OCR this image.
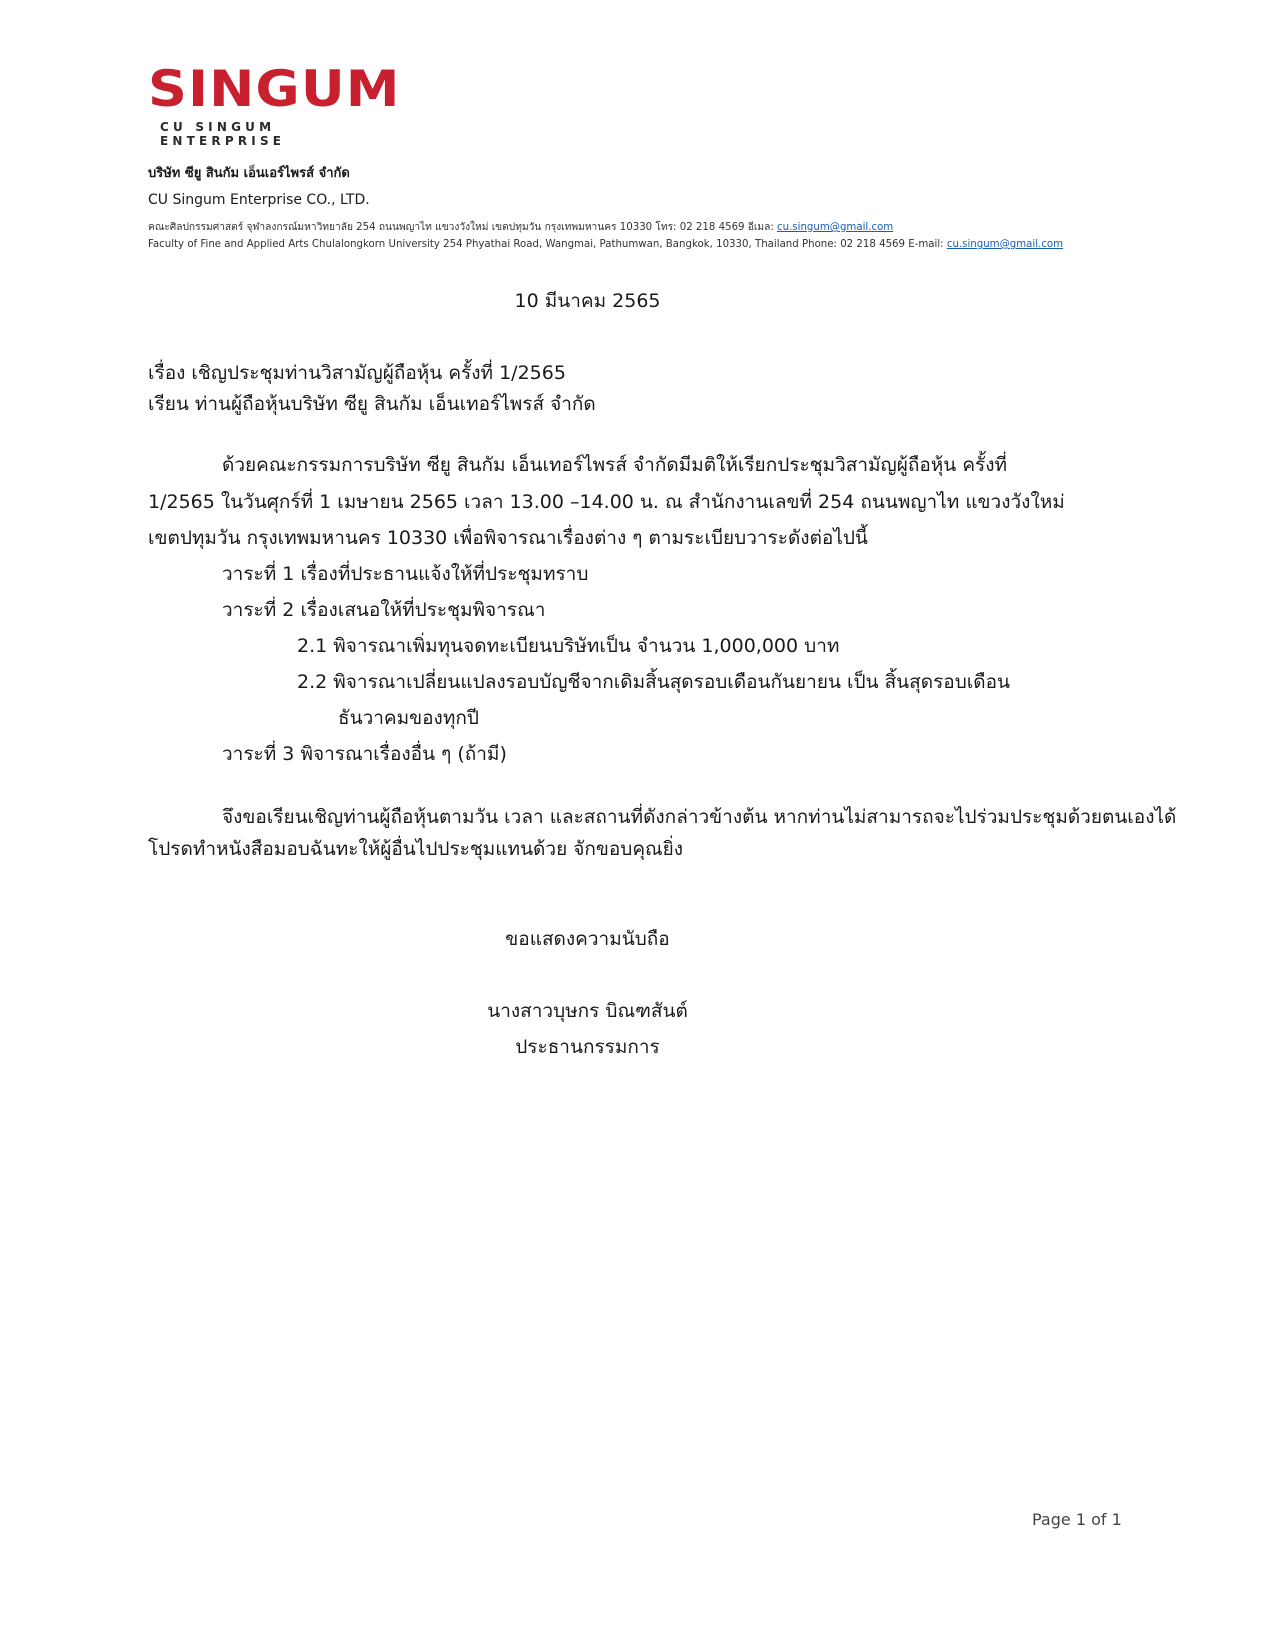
SINGUM
CU SINGUM ENTERPRISE
บริษัท ซียู สินกัม เอ็นเอร์ไพรส์ จำกัด
CU Singum Enterprise CO., LTD.
คณะศิลปกรรมศาสตร์ จุฬาลงกรณ์มหาวิทยาลัย 254 ถนนพญาไท แขวงวังใหม่ เขตปทุมวัน กรุงเทพมหานคร 10330 โทร: 02 218 4569 อีเมล: cu.singum@gmail.com
Faculty of Fine and Applied Arts Chulalongkorn University 254 Phyathai Road, Wangmai, Pathumwan, Bangkok, 10330, Thailand Phone: 02 218 4569 E-mail: cu.singum@gmail.com
10 มีนาคม 2565
เรื่อง เชิญประชุมท่านวิสามัญผู้ถือหุ้น ครั้งที่ 1/2565
เรียน ท่านผู้ถือหุ้นบริษัท ซียู สินกัม เอ็นเทอร์ไพรส์ จำกัด
ด้วยคณะกรรมการบริษัท ซียู สินกัม เอ็นเทอร์ไพรส์ จำกัดมีมติให้เรียกประชุมวิสามัญผู้ถือหุ้น ครั้งที่
1/2565 ในวันศุกร์ที่ 1 เมษายน 2565 เวลา 13.00 –14.00 น. ณ สำนักงานเลขที่ 254 ถนนพญาไท แขวงวังใหม่
เขตปทุมวัน กรุงเทพมหานคร 10330 เพื่อพิจารณาเรื่องต่าง ๆ ตามระเบียบวาระดังต่อไปนี้
วาระที่ 1 เรื่องที่ประธานแจ้งให้ที่ประชุมทราบ
วาระที่ 2 เรื่องเสนอให้ที่ประชุมพิจารณา
2.1 พิจารณาเพิ่มทุนจดทะเบียนบริษัทเป็น จำนวน 1,000,000 บาท
2.2 พิจารณาเปลี่ยนแปลงรอบบัญชีจากเดิมสิ้นสุดรอบเดือนกันยายน เป็น สิ้นสุดรอบเดือน
ธันวาคมของทุกปี
วาระที่ 3 พิจารณาเรื่องอื่น ๆ (ถ้ามี)
จึงขอเรียนเชิญท่านผู้ถือหุ้นตามวัน เวลา และสถานที่ดังกล่าวข้างต้น หากท่านไม่สามารถจะไปร่วมประชุมด้วยตนเองได้
โปรดทำหนังสือมอบฉันทะให้ผู้อื่นไปประชุมแทนด้วย จักขอบคุณยิ่ง
ขอแสดงความนับถือ
นางสาวบุษกร บิณฑสันต์
ประธานกรรมการ
Page 1 of 1
